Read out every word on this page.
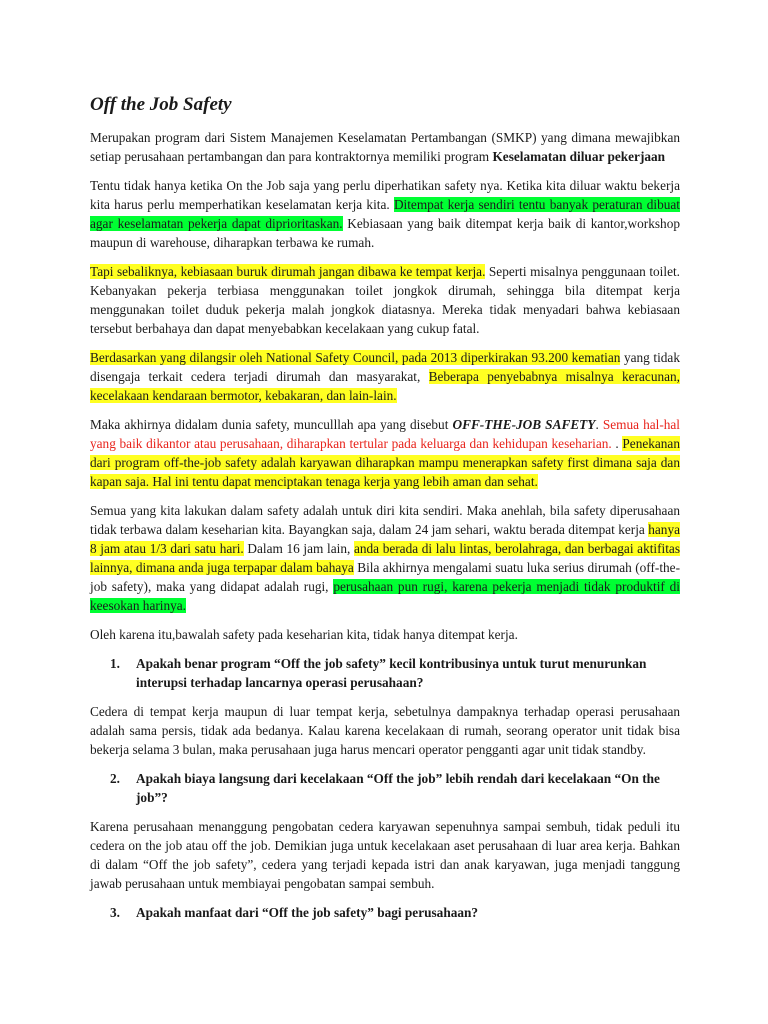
Off the Job Safety

Merupakan program dari Sistem Manajemen Keselamatan Pertambangan (SMKP) yang dimana mewajibkan setiap perusahaan pertambangan dan para kontraktornya memiliki program Keselamatan diluar pekerjaan

Tentu tidak hanya ketika On the Job saja yang perlu diperhatikan safety nya. Ketika kita diluar waktu bekerja kita harus perlu memperhatikan keselamatan kerja kita. Ditempat kerja sendiri tentu banyak peraturan dibuat agar keselamatan pekerja dapat diprioritaskan. Kebiasaan yang baik ditempat kerja baik di kantor,workshop maupun di warehouse, diharapkan terbawa ke rumah.

Tapi sebaliknya, kebiasaan buruk dirumah jangan dibawa ke tempat kerja. Seperti misalnya penggunaan toilet. Kebanyakan pekerja terbiasa menggunakan toilet jongkok dirumah, sehingga bila ditempat kerja menggunakan toilet duduk pekerja malah jongkok diatasnya. Mereka tidak menyadari bahwa kebiasaan tersebut berbahaya dan dapat menyebabkan kecelakaan yang cukup fatal.

Berdasarkan yang dilangsir oleh National Safety Council, pada 2013 diperkirakan 93.200 kematian yang tidak disengaja terkait cedera terjadi dirumah dan masyarakat, Beberapa penyebabnya misalnya keracunan, kecelakaan kendaraan bermotor, kebakaran, dan lain-lain.

Maka akhirnya didalam dunia safety, munculllah apa yang disebut OFF-THE-JOB SAFETY. Semua hal-hal yang baik dikantor atau perusahaan, diharapkan tertular pada keluarga dan kehidupan keseharian. . Penekanan dari program off-the-job safety adalah karyawan diharapkan mampu menerapkan safety first dimana saja dan kapan saja. Hal ini tentu dapat menciptakan tenaga kerja yang lebih aman dan sehat.

Semua yang kita lakukan dalam safety adalah untuk diri kita sendiri. Maka anehlah, bila safety diperusahaan tidak terbawa dalam keseharian kita. Bayangkan saja, dalam 24 jam sehari, waktu berada ditempat kerja hanya 8 jam atau 1/3 dari satu hari. Dalam 16 jam lain, anda berada di lalu lintas, berolahraga, dan berbagai aktifitas lainnya, dimana anda juga terpapar dalam bahaya Bila akhirnya mengalami suatu luka serius dirumah (off-the-job safety), maka yang didapat adalah rugi, perusahaan pun rugi, karena pekerja menjadi tidak produktif di keesokan harinya.

Oleh karena itu,bawalah safety pada keseharian kita, tidak hanya ditempat kerja.

1.	Apakah benar program “Off the job safety” kecil kontribusinya untuk turut menurunkan interupsi terhadap lancarnya operasi perusahaan?

Cedera di tempat kerja maupun di luar tempat kerja, sebetulnya dampaknya terhadap operasi perusahaan adalah sama persis, tidak ada bedanya. Kalau karena kecelakaan di rumah, seorang operator unit tidak bisa bekerja selama 3 bulan, maka perusahaan juga harus mencari operator pengganti agar unit tidak standby.

2.	Apakah biaya langsung dari kecelakaan “Off the job” lebih rendah dari kecelakaan “On the job”?

Karena perusahaan menanggung pengobatan cedera karyawan sepenuhnya sampai sembuh, tidak peduli itu cedera on the job atau off the job. Demikian juga untuk kecelakaan aset perusahaan di luar area kerja. Bahkan di dalam “Off the job safety”, cedera yang terjadi kepada istri dan anak karyawan, juga menjadi tanggung jawab perusahaan untuk membiayai pengobatan sampai sembuh.

3.	Apakah manfaat dari “Off the job safety” bagi perusahaan?
